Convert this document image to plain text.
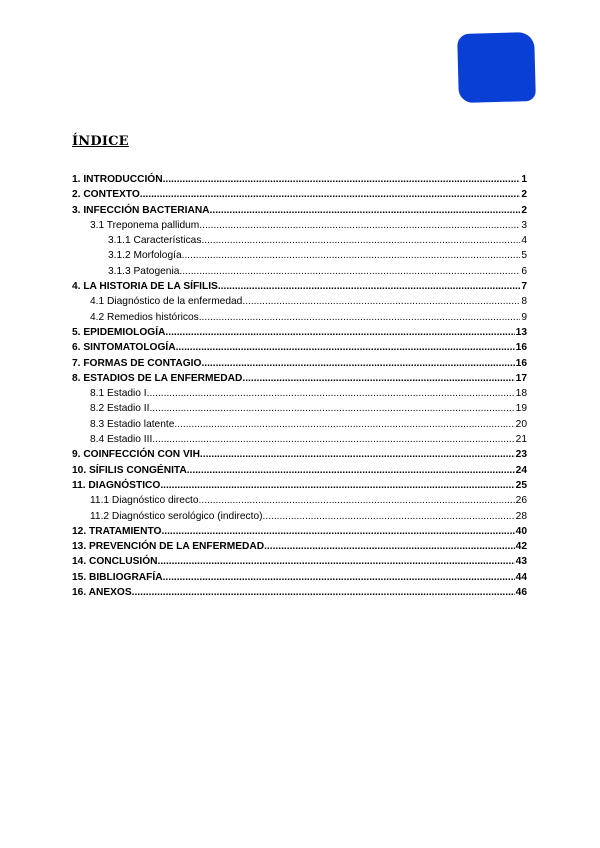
ÍNDICE
1. INTRODUCCIÓN .....	1
2. CONTEXTO .....	2
3. INFECCIÓN BACTERIANA .....	2
3.1 Treponema pallidum .....	3
3.1.1 Características .....	4
3.1.2 Morfología .....	5
3.1.3 Patogenia .....	6
4. LA HISTORIA DE LA SÍFILIS .....	7
4.1 Diagnóstico de la enfermedad .....	8
4.2 Remedios históricos .....	9
5. EPIDEMIOLOGÍA .....	13
6. SINTOMATOLOGÍA .....	16
7. FORMAS DE CONTAGIO .....	16
8. ESTADIOS DE LA ENFERMEDAD .....	17
8.1 Estadio I .....	18
8.2 Estadio II .....	19
8.3 Estadio latente .....	20
8.4 Estadio III .....	21
9. COINFECCIÓN CON VIH .....	23
10. SÍFILIS CONGÉNITA .....	24
11. DIAGNÓSTICO .....	25
11.1 Diagnóstico directo .....	26
11.2 Diagnóstico serológico (indirecto) .....	28
12. TRATAMIENTO .....	40
13. PREVENCIÓN DE LA ENFERMEDAD .....	42
14. CONCLUSIÓN .....	43
15. BIBLIOGRAFÍA .....	44
16. ANEXOS .....	46
